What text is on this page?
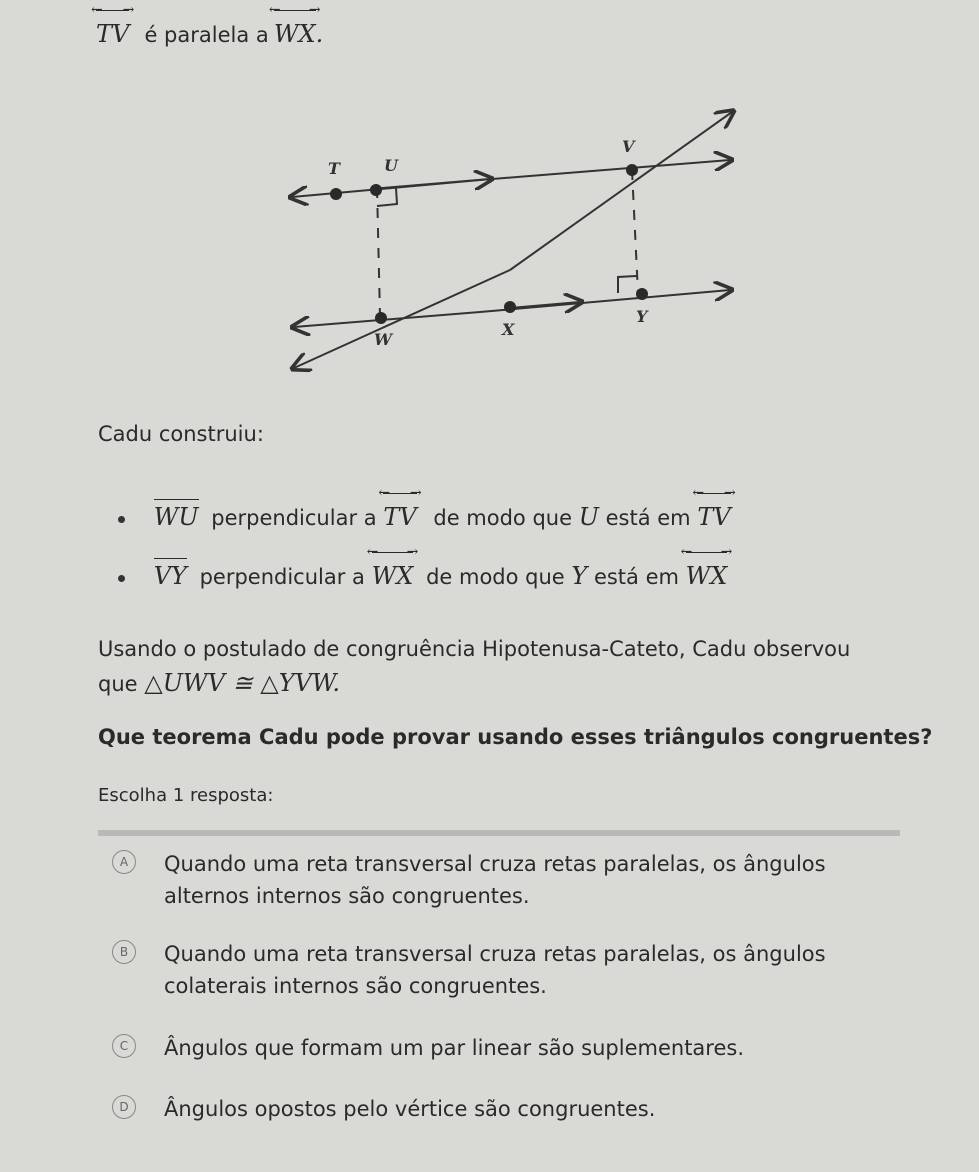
←
TV
→
é paralela a
←
WX
→
.
T	U
V
W
X
Y
Cadu construiu:
WU perpendicular a
←
TV
→
de modo que U está em
←
TV
→
VY perpendicular a
←
WX
→
de modo que Y está em
←
WX
→
Usando o postulado de congruência Hipotenusa-Cateto, Cadu observou
que △UWV ≅ △YVW.
Que teorema Cadu pode provar usando esses triângulos congruentes?
Escolha 1 resposta:
A	Quando uma reta transversal cruza retas paralelas, os ângulos alternos internos são congruentes.
B	Quando uma reta transversal cruza retas paralelas, os ângulos colaterais internos são congruentes.
C	Ângulos que formam um par linear são suplementares.
D	Ângulos opostos pelo vértice são congruentes.
